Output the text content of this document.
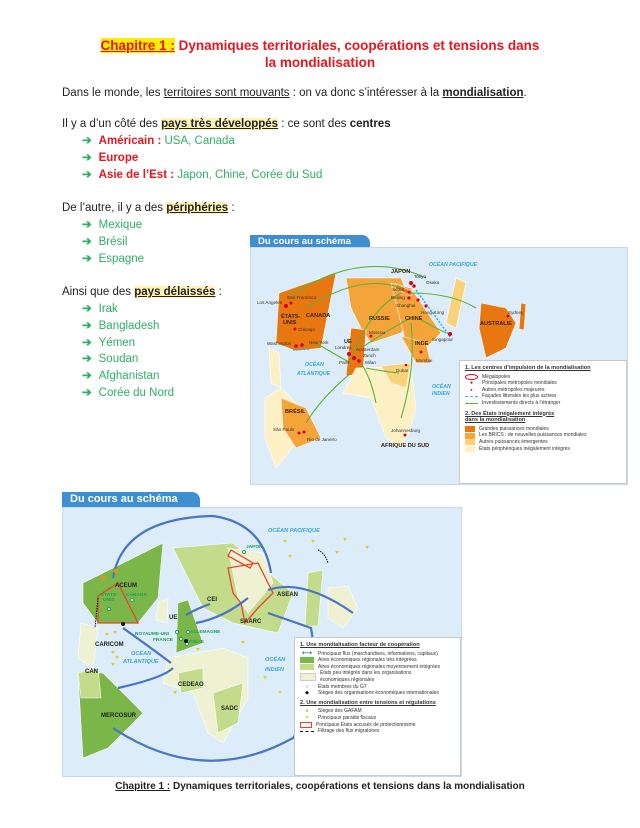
Chapitre 1 : Dynamiques territoriales, coopérations et tensions dans
la mondialisation
Dans le monde, les territoires sont mouvants : on va donc s’intéresser à la mondialisation.
Il y a d’un côté des pays très développés : ce sont des centres
➔ Américain : USA, Canada
➔ Europe
➔ Asie de l’Est : Japon, Chine, Corée du Sud
De l’autre, il y a des périphéries :
➔ Mexique
➔ Brésil
➔ Espagne
Ainsi que des pays délaissés :
➔ Irak
➔ Bangladesh
➔ Yémen
➔ Soudan
➔ Afghanistan
➔ Corée du Nord
Du cours au schéma
San Francisco
Los Angeles
Tokyo
Osaka
Séoul
Beijing
Shanghai
Hong-Kong	Sydney
Chicago
Moscou
Washington	New York
Londres Amsterdam
Zurich
Paris	Milan
Singapour
Mumbai
Dubaï
São Paulo
Rio de Janeiro
Johannesburg
JAPON
ÉTATS-
UNIS
CANADA	RUSSIE	CHINE
AUSTRALIE
UE	INDE
BRÉSIL
AFRIQUE DU SUD
OCÉAN PACIFIQUE
OCÉAN
ATLANTIQUE
OCÉAN
INDIEN
1. Les centres d’impulsion de la mondialisation
Mégalopoles
●	Principales métropoles mondiales
●	Autres métropoles majeures
Façades littorales les plus actives
Investissements directs à l’étranger
2. Des États inégalement intégrés
dans la mondialisation
Grandes puissances mondiales
Les BRICS : de nouvelles puissances mondiales
Autres puissances émergentes
États périphériques inégalement intégrés
Du cours au schéma
ACEUM
CEI
ASEAN
UE
SAARC
CARICOM
CAN
CEDEAO
SADC
MERCOSUR
JAPON
ÉTATS-
UNIS
CANADA
ROYAUME-UNI	ALLEMAGNE
FRANCE	ITALIE
OCÉAN PACIFIQUE
OCÉAN
ATLANTIQUE	OCÉAN
INDIEN
1. Une mondialisation facteur de coopération
⟷	Principaux flux (marchandises, informations, capitaux)
Aires économiques régionales très intégrées
Aires économiques régionales moyennement intégrées
États peu intégrés dans les organisations économiques régionales
○	États membres du G7
◆	Sièges des organisations économiques internationales
2. Une mondialisation entre tensions et régulations
●	Sièges des GAFAM
▼	Principaux paradis fiscaux
Principaux États accusés de protectionnisme
Filtrage des flux migratoires
Chapitre 1 : Dynamiques territoriales, coopérations et tensions dans la mondialisation
